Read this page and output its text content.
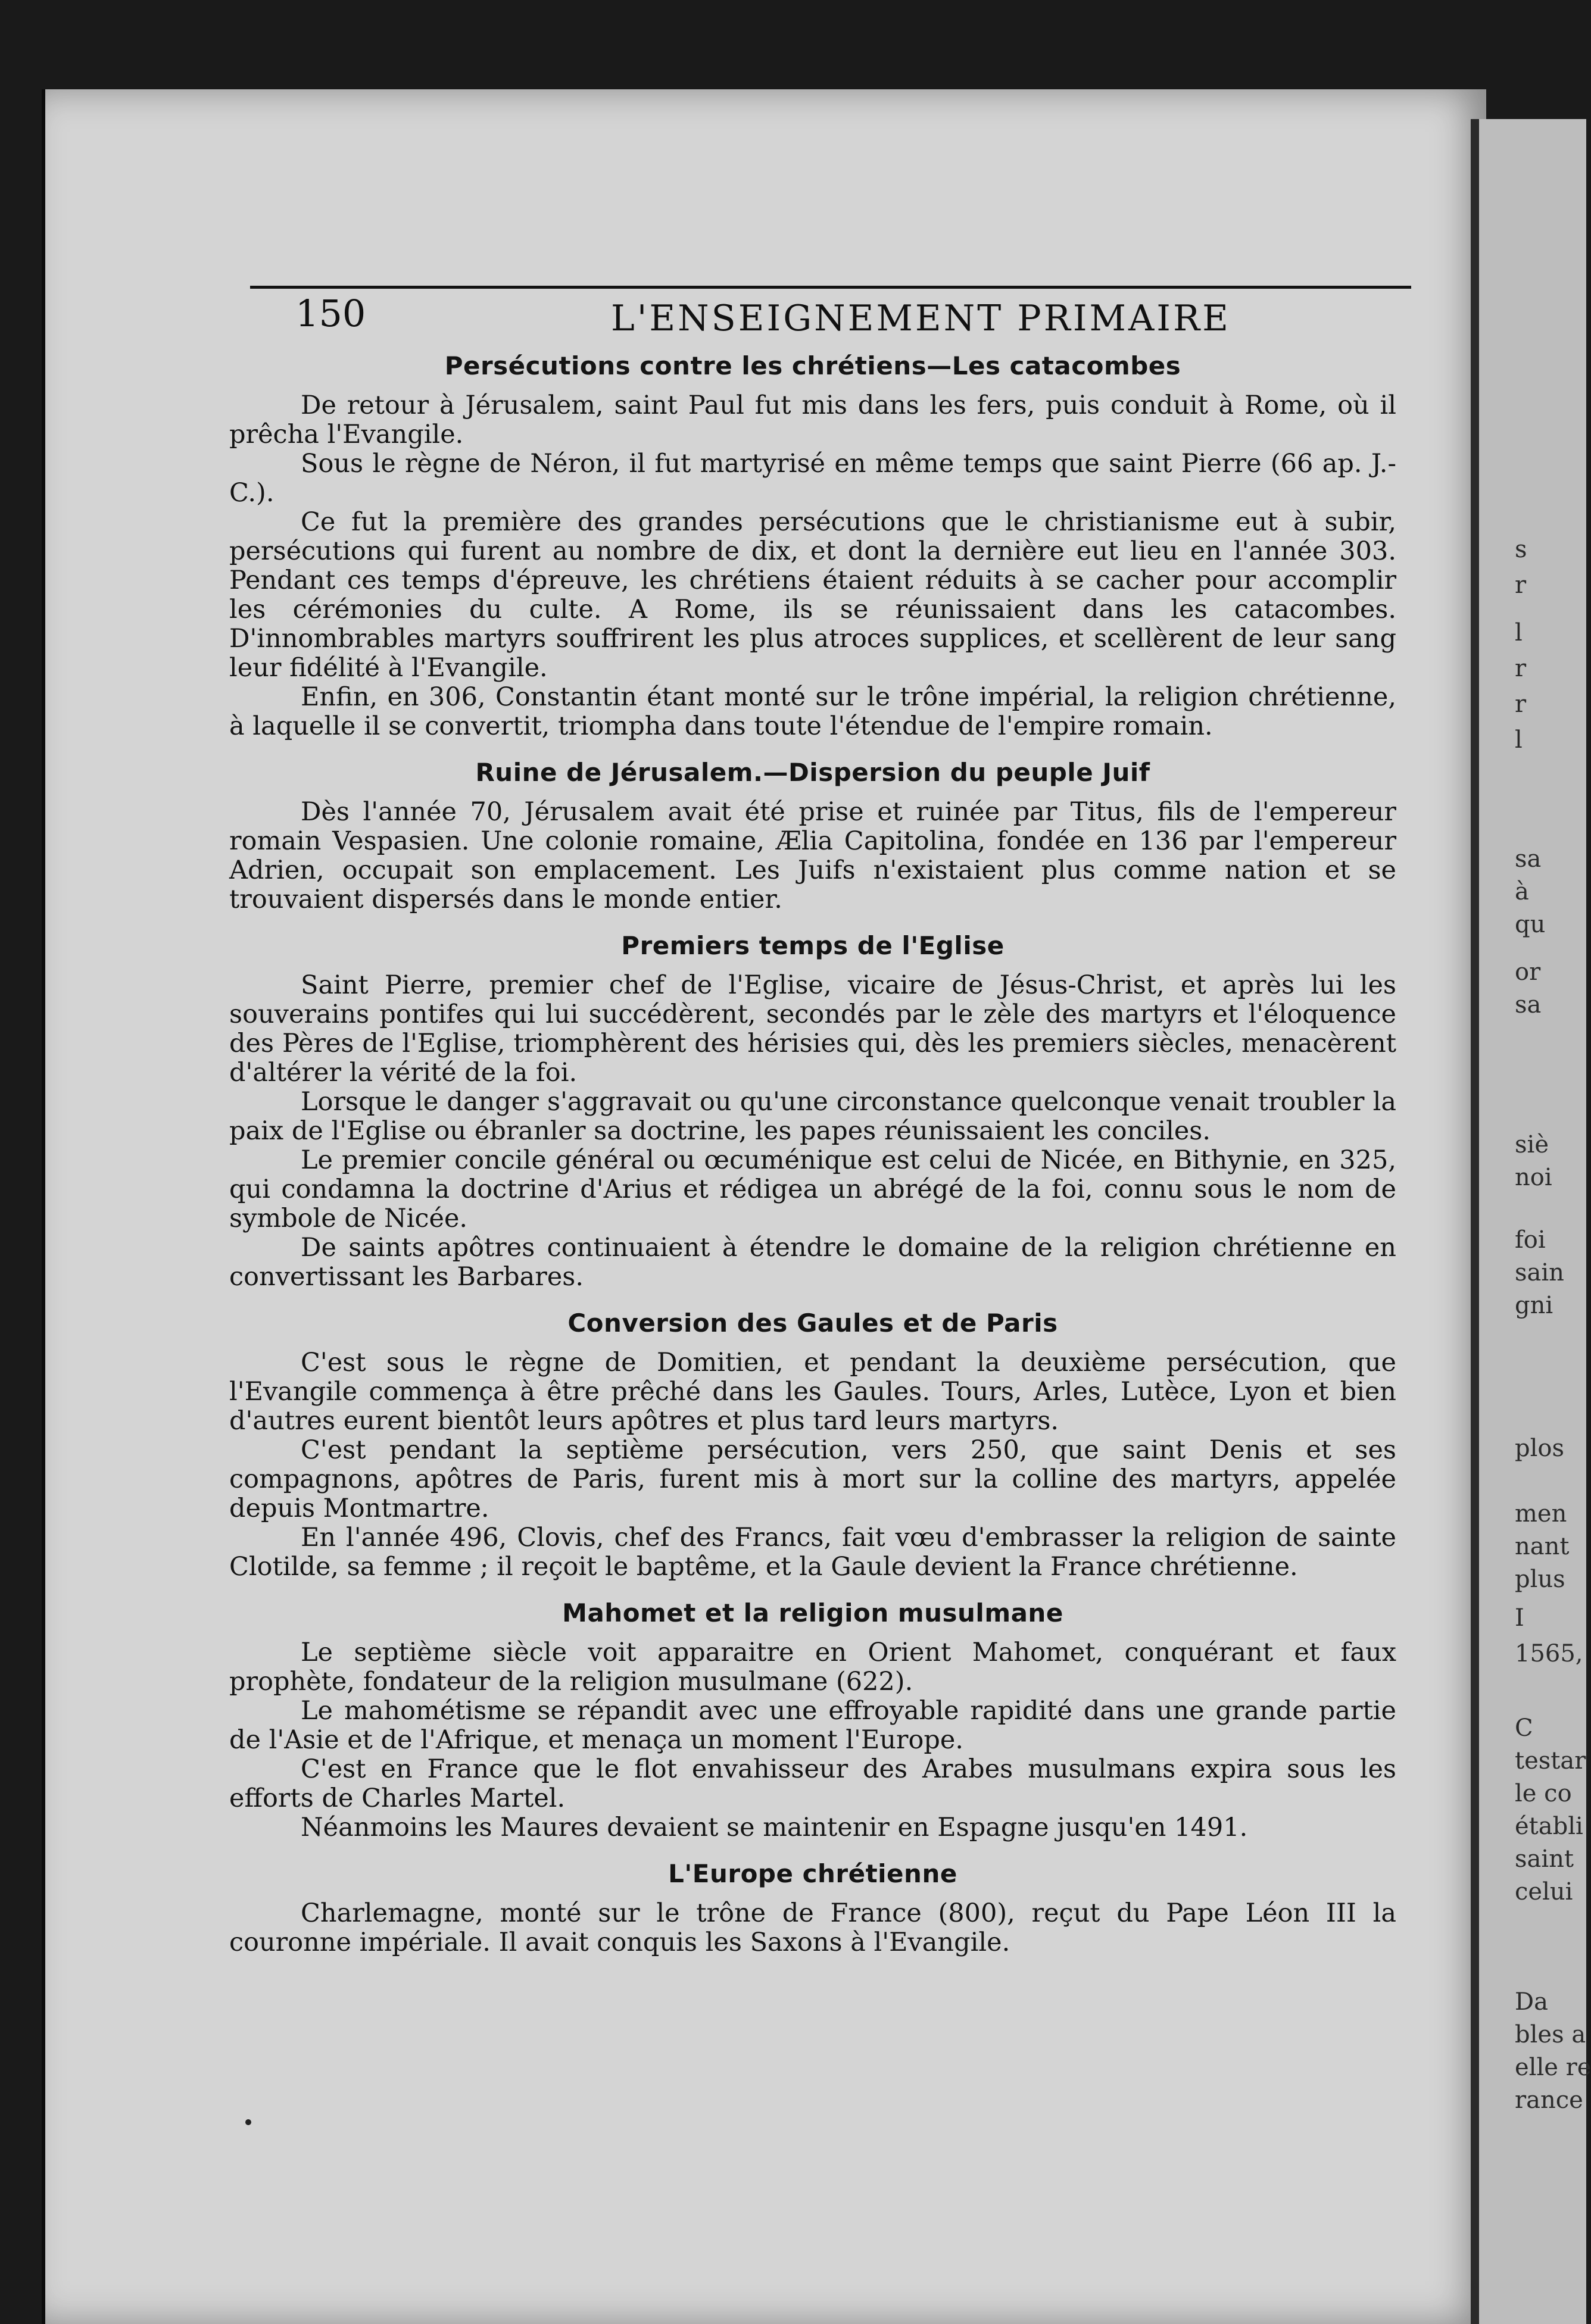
150	L'ENSEIGNEMENT PRIMAIRE
Persécutions contre les chrétiens—Les catacombes

De retour à Jérusalem, saint Paul fut mis dans les fers, puis conduit à Rome, où il prêcha l'Evangile.

Sous le règne de Néron, il fut martyrisé en même temps que saint Pierre (66 ap. J.-C.).

Ce fut la première des grandes persécutions que le christianisme eut à subir, persécutions qui furent au nombre de dix, et dont la dernière eut lieu en l'année 303. Pendant ces temps d'épreuve, les chrétiens étaient réduits à se cacher pour accomplir les cérémonies du culte. A Rome, ils se réunissaient dans les catacombes. D'innombrables martyrs souffrirent les plus atroces supplices, et scellèrent de leur sang leur fidélité à l'Evangile.

Enfin, en 306, Constantin étant monté sur le trône impérial, la religion chrétienne, à laquelle il se convertit, triompha dans toute l'étendue de l'empire romain.

Ruine de Jérusalem.—Dispersion du peuple Juif

Dès l'année 70, Jérusalem avait été prise et ruinée par Titus, fils de l'empereur romain Vespasien. Une colonie romaine, Ælia Capitolina, fondée en 136 par l'empereur Adrien, occupait son emplacement. Les Juifs n'existaient plus comme nation et se trouvaient dispersés dans le monde entier.

Premiers temps de l'Eglise

Saint Pierre, premier chef de l'Eglise, vicaire de Jésus-Christ, et après lui les souverains pontifes qui lui succédèrent, secondés par le zèle des martyrs et l'éloquence des Pères de l'Eglise, triomphèrent des hérisies qui, dès les premiers siècles, menacèrent d'altérer la vérité de la foi.

Lorsque le danger s'aggravait ou qu'une circonstance quelconque venait troubler la paix de l'Eglise ou ébranler sa doctrine, les papes réunissaient les conciles.

Le premier concile général ou œcuménique est celui de Nicée, en Bithynie, en 325, qui condamna la doctrine d'Arius et rédigea un abrégé de la foi, connu sous le nom de symbole de Nicée.

De saints apôtres continuaient à étendre le domaine de la religion chrétienne en convertissant les Barbares.

Conversion des Gaules et de Paris

C'est sous le règne de Domitien, et pendant la deuxième persécution, que l'Evangile commença à être prêché dans les Gaules. Tours, Arles, Lutèce, Lyon et bien d'autres eurent bientôt leurs apôtres et plus tard leurs martyrs.

C'est pendant la septième persécution, vers 250, que saint Denis et ses compagnons, apôtres de Paris, furent mis à mort sur la colline des martyrs, appelée depuis Montmartre.

En l'année 496, Clovis, chef des Francs, fait vœu d'embrasser la religion de sainte Clotilde, sa femme ; il reçoit le baptême, et la Gaule devient la France chrétienne.

Mahomet et la religion musulmane

Le septième siècle voit apparaitre en Orient Mahomet, conquérant et faux prophète, fondateur de la religion musulmane (622).

Le mahométisme se répandit avec une effroyable rapidité dans une grande partie de l'Asie et de l'Afrique, et menaça un moment l'Europe.

C'est en France que le flot envahisseur des Arabes musulmans expira sous les efforts de Charles Martel.

Néanmoins les Maures devaient se maintenir en Espagne jusqu'en 1491.

L'Europe chrétienne

Charlemagne, monté sur le trône de France (800), reçut du Pape Léon III la couronne impériale. Il avait conquis les Saxons à l'Evangile.

s
r
l
r
r
l
sa
à
qu
or
sa
siè
noi
foi
sain
gni
plos
men
nant
plus
I
1565,
C
testar
le co
établi
saint
celui
Da
bles a
elle re
rance
